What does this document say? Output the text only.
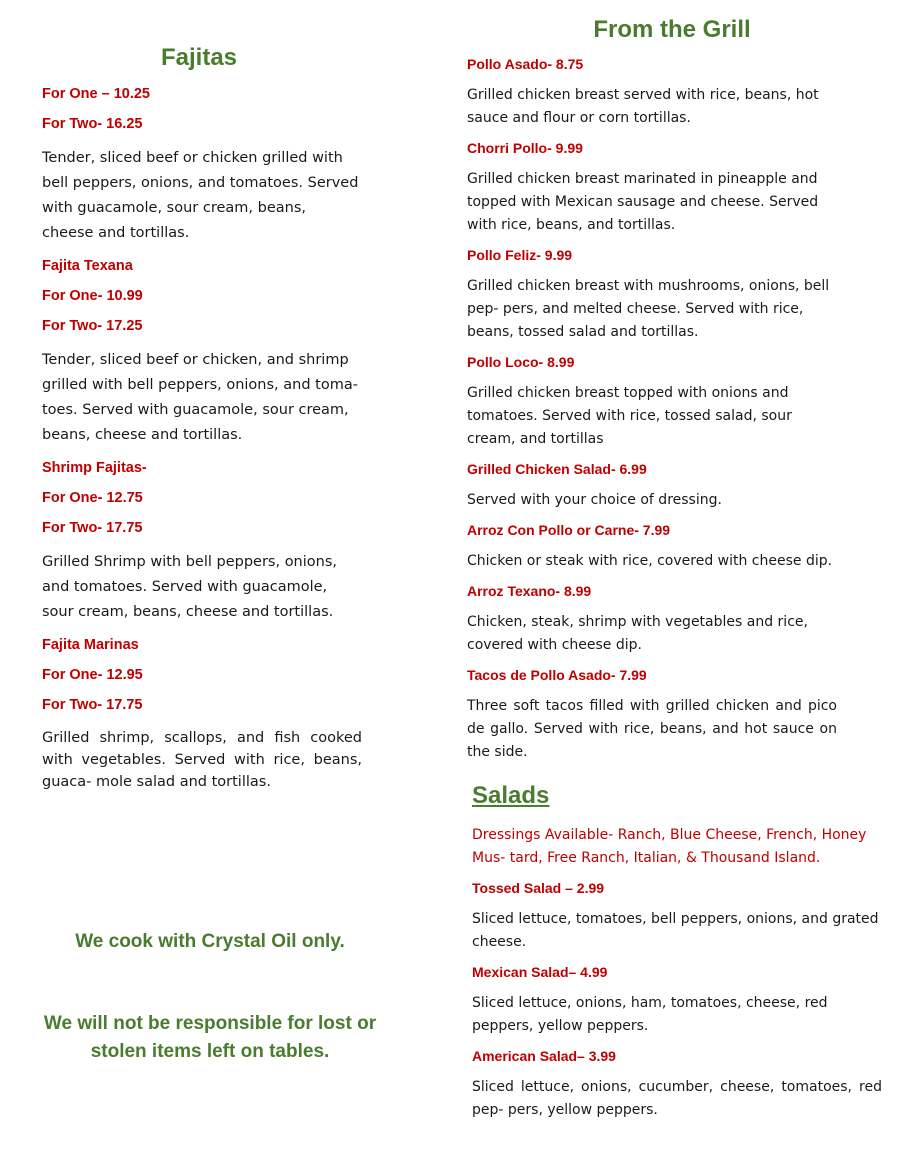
Fajitas

For One – 10.25

For Two- 16.25

Tender, sliced beef or chicken grilled with bell peppers, onions, and tomatoes. Served with guacamole, sour cream, beans, cheese and tortillas.

Fajita Texana

For One- 10.99

For Two- 17.25

Tender, sliced beef or chicken, and shrimp grilled with bell peppers, onions, and toma- toes. Served with guacamole, sour cream, beans, cheese and tortillas.

Shrimp Fajitas-

For One- 12.75

For Two- 17.75

Grilled Shrimp with bell peppers, onions, and tomatoes. Served with guacamole, sour cream, beans, cheese and tortillas.

Fajita Marinas

For One- 12.95

For Two- 17.75

Grilled shrimp, scallops, and fish cooked with vegetables. Served with rice, beans, guaca- mole salad and tortillas.

We cook with Crystal Oil only.
We will not be responsible for lost or stolen items left on tables.
From the Grill

Pollo Asado- 8.75

Grilled chicken breast served with rice, beans, hot sauce and flour or corn tortillas.

Chorri Pollo- 9.99

Grilled chicken breast marinated in pineapple and topped with Mexican sausage and cheese. Served with rice, beans, and tortillas.

Pollo Feliz- 9.99

Grilled chicken breast with mushrooms, onions, bell pep- pers, and melted cheese. Served with rice, beans, tossed salad and tortillas.

Pollo Loco- 8.99

Grilled chicken breast topped with onions and tomatoes. Served with rice, tossed salad, sour cream, and tortillas

Grilled Chicken Salad- 6.99

Served with your choice of dressing.

Arroz Con Pollo or Carne- 7.99

Chicken or steak with rice, covered with cheese dip.

Arroz Texano- 8.99

Chicken, steak, shrimp with vegetables and rice, covered with cheese dip.

Tacos de Pollo Asado- 7.99

Three soft tacos filled with grilled chicken and pico de gallo. Served with rice, beans, and hot sauce on the side.

Salads

Dressings Available- Ranch, Blue Cheese, French, Honey Mus- tard, Free Ranch, Italian, & Thousand Island.

Tossed Salad – 2.99

Sliced lettuce, tomatoes, bell peppers, onions, and grated cheese.

Mexican Salad– 4.99

Sliced lettuce, onions, ham, tomatoes, cheese, red peppers, yellow peppers.

American Salad– 3.99

Sliced lettuce, onions, cucumber, cheese, tomatoes, red pep- pers, yellow peppers.
